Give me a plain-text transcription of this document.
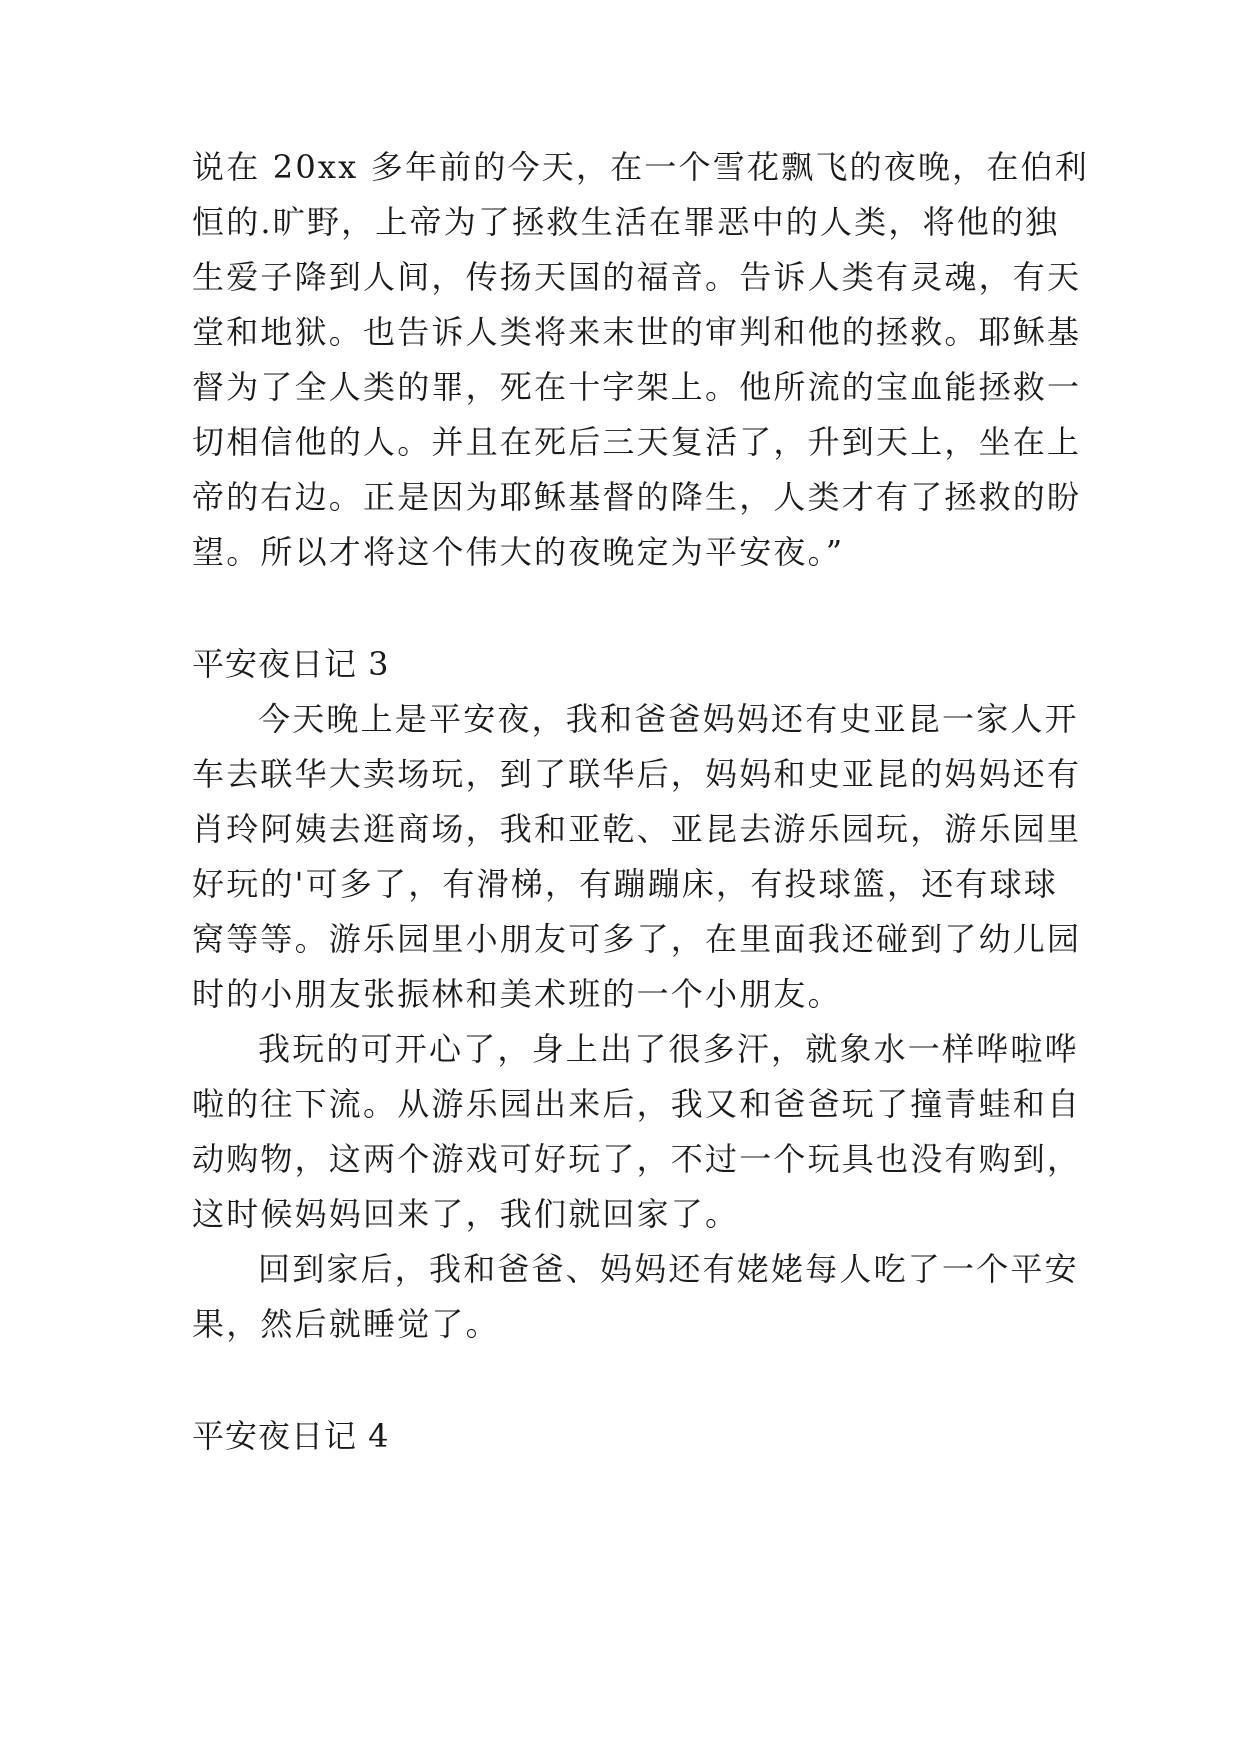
说在 20xx 多年前的今天，在一个雪花飘飞的夜晚，在伯利
恒的.旷野，上帝为了拯救生活在罪恶中的人类，将他的独
生爱子降到人间，传扬天国的福音。告诉人类有灵魂，有天
堂和地狱。也告诉人类将来末世的审判和他的拯救。耶稣基
督为了全人类的罪，死在十字架上。他所流的宝血能拯救一
切相信他的人。并且在死后三天复活了，升到天上，坐在上
帝的右边。正是因为耶稣基督的降生，人类才有了拯救的盼
望。所以才将这个伟大的夜晚定为平安夜。”
平安夜日记 3
今天晚上是平安夜，我和爸爸妈妈还有史亚昆一家人开
车去联华大卖场玩，到了联华后，妈妈和史亚昆的妈妈还有
肖玲阿姨去逛商场，我和亚乾、亚昆去游乐园玩，游乐园里
好玩的'可多了，有滑梯，有蹦蹦床，有投球篮，还有球球
窝等等。游乐园里小朋友可多了，在里面我还碰到了幼儿园
时的小朋友张振林和美术班的一个小朋友。
我玩的可开心了，身上出了很多汗，就象水一样哗啦哗
啦的往下流。从游乐园出来后，我又和爸爸玩了撞青蛙和自
动购物，这两个游戏可好玩了，不过一个玩具也没有购到，
这时候妈妈回来了，我们就回家了。
回到家后，我和爸爸、妈妈还有姥姥每人吃了一个平安
果，然后就睡觉了。
平安夜日记 4
